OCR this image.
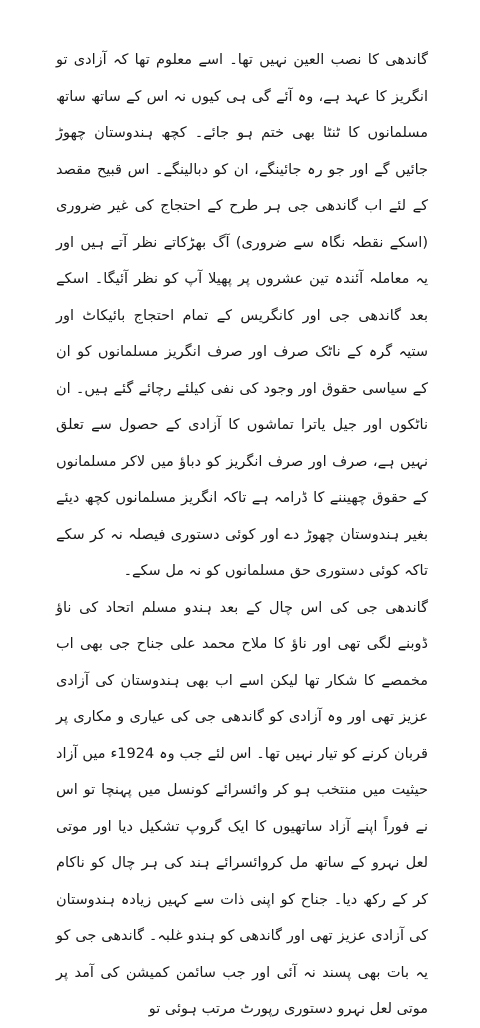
گاندھی کا نصب العین نہیں تھا۔ اسے معلوم تھا کہ آزادی تو انگریز کا عہد ہے، وہ آئے گی ہی کیوں نہ اس کے ساتھ ساتھ مسلمانوں کا ٹنٹا بھی ختم ہو جائے۔ کچھ ہندوستان چھوڑ جائیں گے اور جو رہ جائینگے، ان کو دبالینگے۔ اس قبیح مقصد کے لئے اب گاندھی جی ہر طرح کے احتجاج کی غیر ضروری (اسکے نقطہ نگاہ سے ضروری) آگ بھڑکاتے نظر آتے ہیں اور یہ معاملہ آئندہ تین عشروں پر پھیلا آپ کو نظر آئیگا۔ اسکے بعد گاندھی جی اور کانگریس کے تمام احتجاج بائیکاٹ اور ستیہ گرہ کے ناٹک صرف اور صرف انگریز مسلمانوں کو ان کے سیاسی حقوق اور وجود کی نفی کیلئے رچائے گئے ہیں۔ ان ناٹکوں اور جیل یاترا تماشوں کا آزادی کے حصول سے تعلق نہیں ہے، صرف اور صرف انگریز کو دباؤ میں لاکر مسلمانوں کے حقوق چھیننے کا ڈرامہ ہے تاکہ انگریز مسلمانوں کچھ دیئے بغیر ہندوستان چھوڑ دے اور کوئی دستوری فیصلہ نہ کر سکے تاکہ کوئی دستوری حق مسلمانوں کو نہ مل سکے۔

گاندھی جی کی اس چال کے بعد ہندو مسلم اتحاد کی ناؤ ڈوبنے لگی تھی اور ناؤ کا ملاح محمد علی جناح جی بھی اب مخمصے کا شکار تھا لیکن اسے اب بھی ہندوستان کی آزادی عزیز تھی اور وہ آزادی کو گاندھی جی کی عیاری و مکاری پر قربان کرنے کو تیار نہیں تھا۔ اس لئے جب وہ 1924ء میں آزاد حیثیت میں منتخب ہو کر وائسرائے کونسل میں پہنچا تو اس نے فوراً اپنے آزاد ساتھیوں کا ایک گروپ تشکیل دیا اور موتی لعل نہرو کے ساتھ مل کروائسرائے ہند کی ہر چال کو ناکام کر کے رکھ دیا۔ جناح کو اپنی ذات سے کہیں زیادہ ہندوستان کی آزادی عزیز تھی اور گاندھی کو ہندو غلبہ۔ گاندھی جی کو یہ بات بھی پسند نہ آئی اور جب سائمن کمیشن کی آمد پر موتی لعل نہرو دستوری رپورٹ مرتب ہوئی تو
